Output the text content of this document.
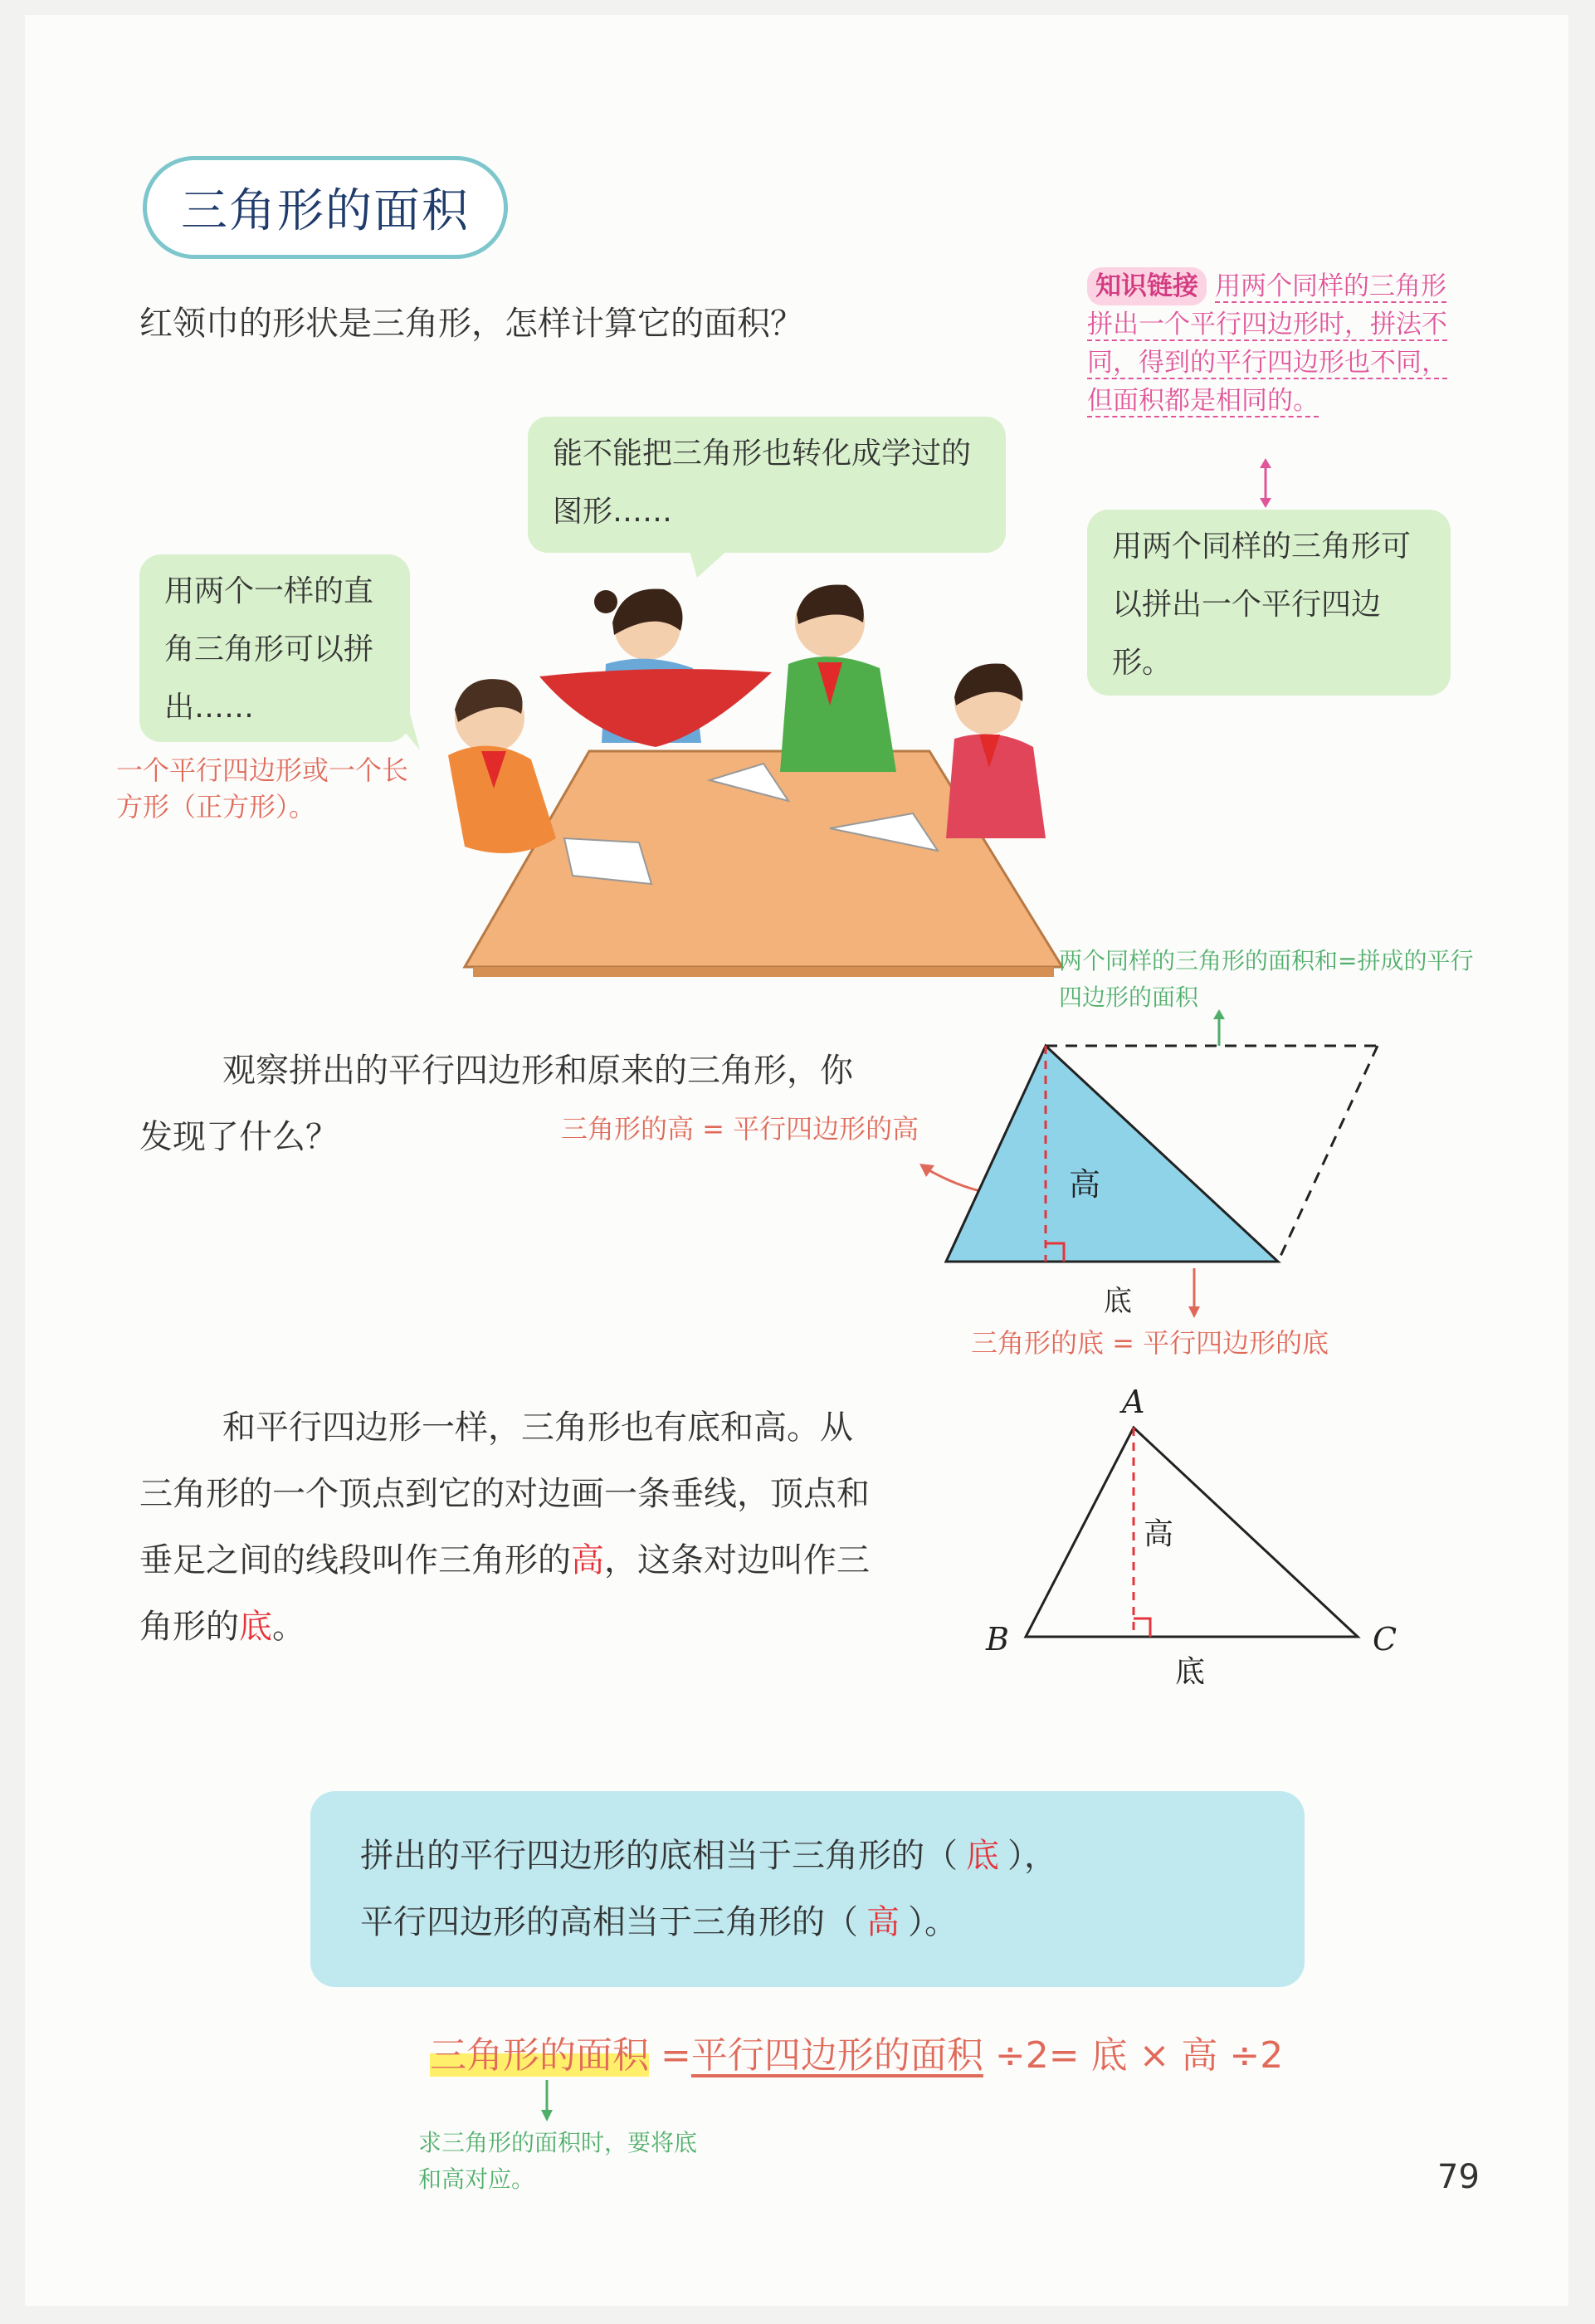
三角形的面积
红领巾的形状是三角形，怎样计算它的面积？
知识链接 用两个同样的三角形拼出一个平行四边形时，拼法不同，得到的平行四边形也不同，但面积都是相同的。
能不能把三角形也转化成学过的图形……
用两个一样的直角三角形可以拼出……
用两个同样的三角形可以拼出一个平行四边形。
一个平行四边形或一个长方形（正方形）。
两个同样的三角形的面积和=拼成的平行四边形的面积
观察拼出的平行四边形和原来的三角形，你发现了什么？	三角形的高 = 平行四边形的高
高
底
三角形的底 = 平行四边形的底
和平行四边形一样，三角形也有底和高。从三角形的一个顶点到它的对边画一条垂线，顶点和垂足之间的线段叫作三角形的高，这条对边叫作三角形的底。
A
B	C
高
底
拼出的平行四边形的底相当于三角形的（ 底 ），
平行四边形的高相当于三角形的（ 高 ）。
三角形的面积 =平行四边形的面积 ÷2= 底 × 高 ÷2
求三角形的面积时，要将底和高对应。	79
